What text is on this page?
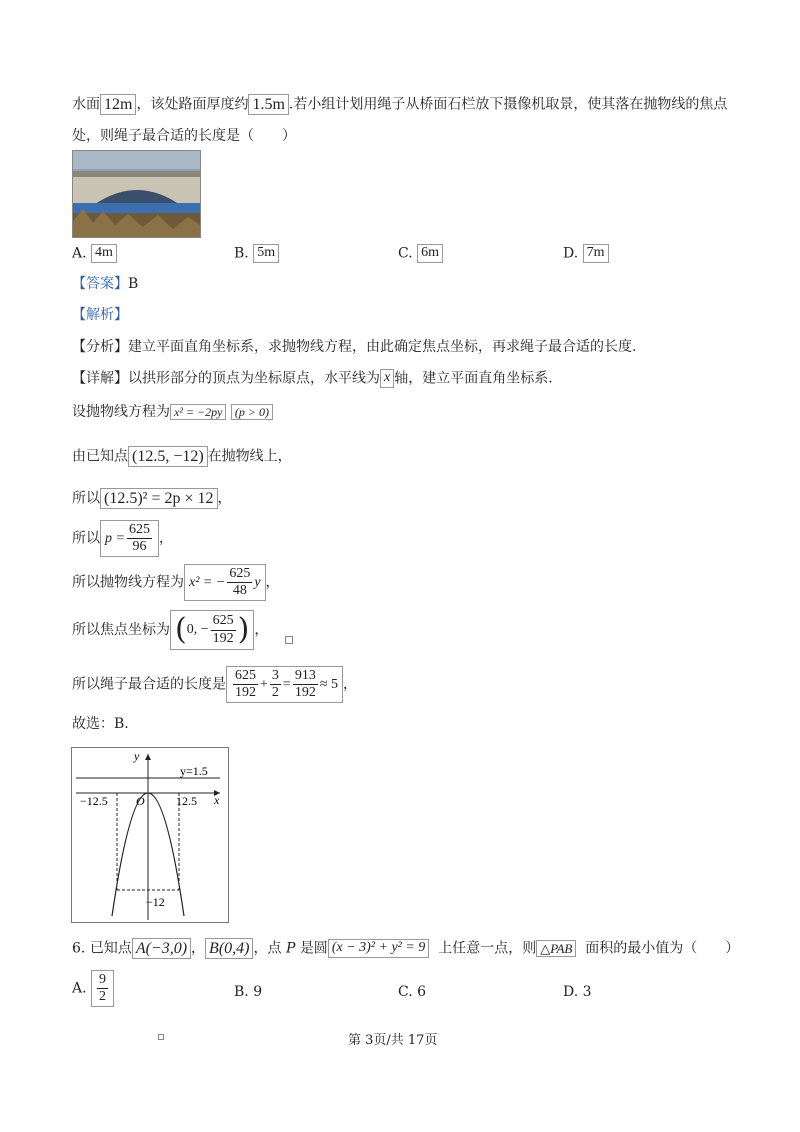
水面 12m ，该处路面厚度约 1.5m .若小组计划用绳子从桥面石栏放下摄像机取景，使其落在抛物线的焦点
处，则绳子最合适的长度是（　　）
A. 4m	B. 5m	C. 6m	D. 7m
【答案】B
【解析】
【分析】建立平面直角坐标系，求抛物线方程，由此确定焦点坐标，再求绳子最合适的长度.
【详解】以拱形部分的顶点为坐标原点，水平线为 x 轴，建立平面直角坐标系.
设抛物线方程为 x² = −2py (p > 0)
由已知点 (12.5, −12) 在抛物线上，
所以 (12.5)² = 2p × 12 ，
所以 $p = \frac{625}{96}$ ，
所以抛物线方程为 x² = − $\frac{625}{48}$ y ，
所以焦点坐标为 (0, − $\frac{625}{192}$ ) ，
所以绳子最合适的长度是 $\frac{625}{192} + \frac{3}{2} = \frac{913}{192} \approx 5$ ，
故选：B.
y
x
O
y=1.5
−12.5	12.5
−12
6. 已知点 A(−3,0) ， B(0,4) ，点 P 是圆 (x − 3)² + y² = 9 上任意一点，则 △PAB 面积的最小值为（　　）
A. $\frac{9}{2}$	B. 9	C. 6	D. 3
第 3页/共 17页
